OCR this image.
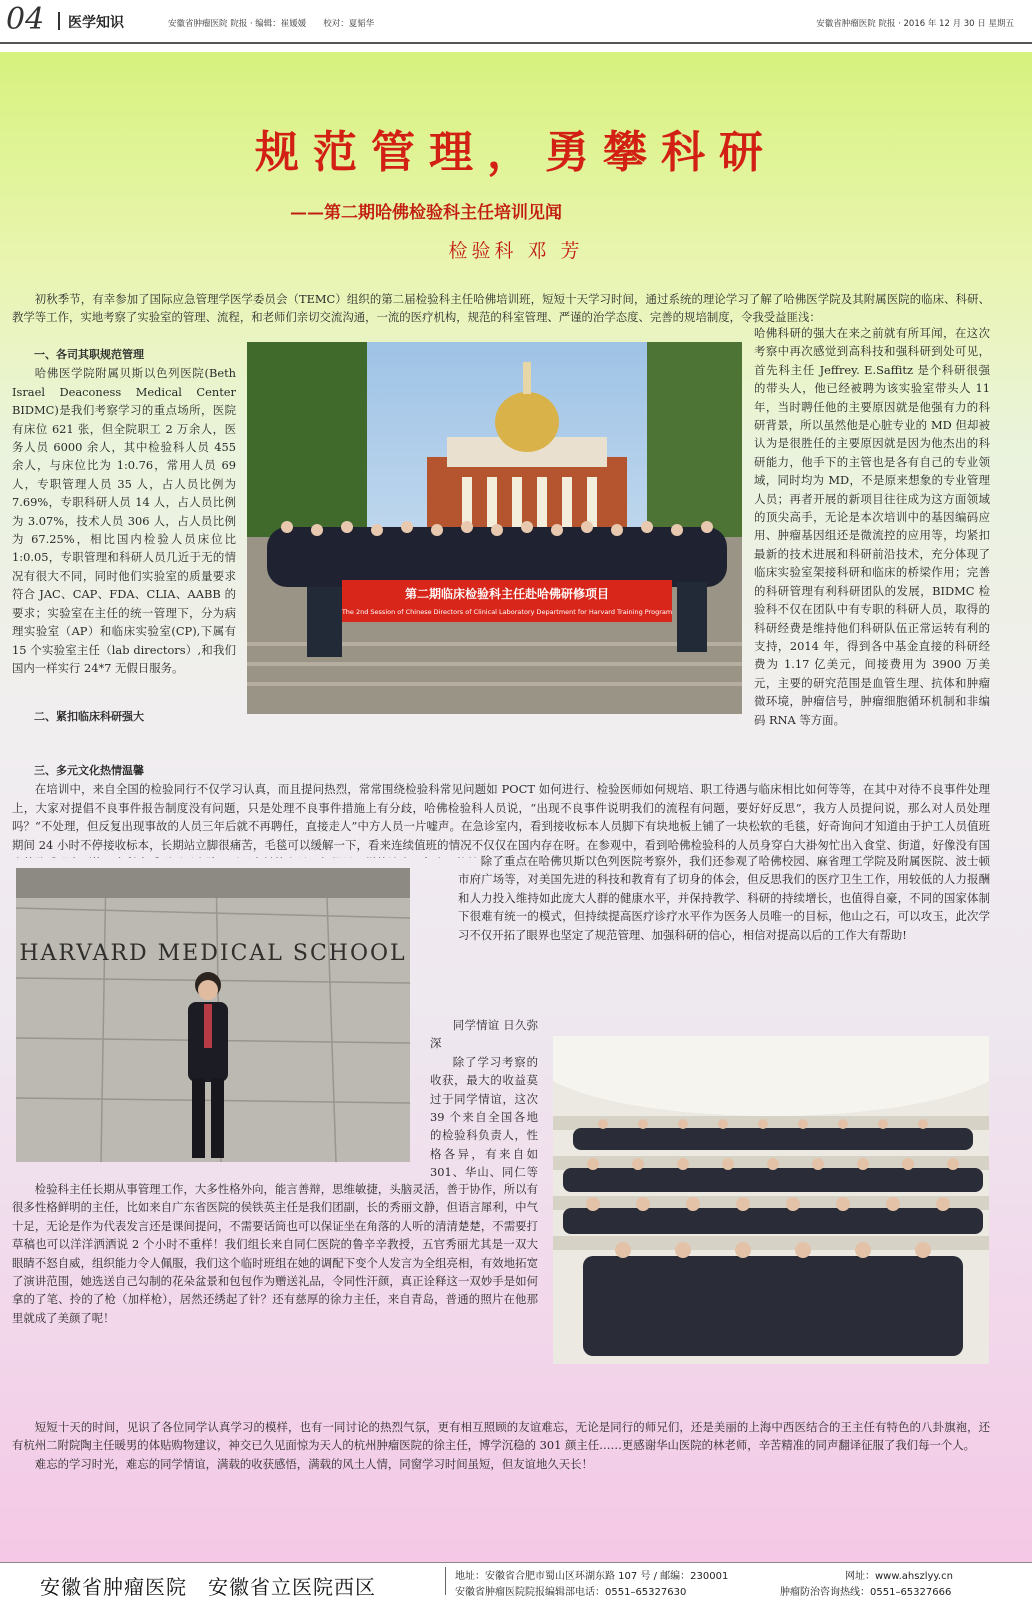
04 医学知识	安徽省肿瘤医院 院报 · 编辑：崔媛媛　　校对：夏韬华	安徽省肿瘤医院 院报 · 2016 年 12 月 30 日 星期五
规范管理，勇攀科研
——第二期哈佛检验科主任培训见闻
检验科 邓 芳

初秋季节，有幸参加了国际应急管理学医学委员会（TEMC）组织的第二届检验科主任哈佛培训班，短短十天学习时间，通过系统的理论学习了解了哈佛医学院及其附属医院的临床、科研、教学等工作，实地考察了实验室的管理、流程，和老师们亲切交流沟通，一流的医疗机构，规范的科室管理、严谨的治学态度、完善的规培制度，令我受益匪浅：

一、各司其职规范管理

哈佛医学院附属贝斯以色列医院(Beth Israel Deaconess Medical Center BIDMC)是我们考察学习的重点场所，医院有床位 621 张，但全院职工 2 万余人，医务人员 6000 余人，其中检验科人员 455 余人，与床位比为 1:0.76，常用人员 69 人，专职管理人员 35 人，占人员比例为 7.69%，专职科研人员 14 人，占人员比例为 3.07%，技术人员 306 人，占人员比例为 67.25%，相比国内检验人员床位比 1:0.05，专职管理和科研人员几近于无的情况有很大不同，同时他们实验室的质量要求符合 JAC、CAP、FDA、CLIA、AABB 的要求；实验室在主任的统一管理下，分为病理实验室（AP）和临床实验室(CP),下属有 15 个实验室主任（lab directors）,和我们国内一样实行 24*7 无假日服务。

第二期临床检验科主任赴哈佛研修项目
The 2nd Session of Chinese Directors of Clinical Laboratory Department for Harvard Training Program

哈佛科研的强大在来之前就有所耳闻，在这次考察中再次感觉到高科技和强科研到处可见，首先科主任 Jeffrey. E.Saffitz 是个科研很强的带头人，他已经被聘为该实验室带头人 11 年，当时聘任他的主要原因就是他强有力的科研背景，所以虽然他是心脏专业的 MD 但却被认为是很胜任的主要原因就是因为他杰出的科研能力，他手下的主管也是各有自己的专业领域，同时均为 MD，不是原来想象的专业管理人员；再者开展的新项目往往成为这方面领域的顶尖高手，无论是本次培训中的基因编码应用、肿瘤基因组还是微流控的应用等，均紧扣最新的技术进展和科研前沿技术，充分体现了临床实验室架接科研和临床的桥梁作用；完善的科研管理有利科研团队的发展，BIDMC 检验科不仅在团队中有专职的科研人员，取得的科研经费是维持他们科研队伍正常运转有利的支持，2014 年，得到各中基金直接的科研经费为 1.17 亿美元，间接费用为 3900 万美元，主要的研究范围是血管生理、抗体和肿瘤微环境，肿瘤信号，肿瘤细胞循环机制和非编码 RNA 等方面。

二、紧扣临床科研强大
三、多元文化热情温馨

在培训中，来自全国的检验同行不仅学习认真，而且提问热烈，常常围绕检验科常见问题如 POCT 如何进行、检验医师如何规培、职工待遇与临床相比如何等等，在其中对待不良事件处理上，大家对提倡不良事件报告制度没有问题，只是处理不良事件措施上有分歧，哈佛检验科人员说，“出现不良事件说明我们的流程有问题，要好好反思”，我方人员提问说，那么对人员处理吗？“不处理，但反复出现事故的人员三年后就不再聘任，直接走人”中方人员一片嘘声。在急诊室内，看到接收标本人员脚下有块地板上铺了一块松软的毛毯，好奇询问才知道由于护工人员值班期间 24 小时不停接收标本，长期站立脚很痛苦，毛毯可以缓解一下，看来连续值班的情况不仅仅在国内存在呀。在参观中，看到哈佛检验科的人员身穿白大褂匆忙出入食堂、街道，好像没有国

HARVARD MEDICAL SCHOOL

除了重点在哈佛贝斯以色列医院考察外，我们还参观了哈佛校园、麻省理工学院及附属医院、波士顿市府广场等，对美国先进的科技和教育有了切身的体会，但反思我们的医疗卫生工作，用较低的人力报酬和人力投入维持如此庞大人群的健康水平，并保持教学、科研的持续增长，也值得自豪，不同的国家体制下很难有统一的模式，但持续提高医疗诊疗水平作为医务人员唯一的目标，他山之石，可以攻玉，此次学习不仅开拓了眼界也坚定了规范管理、加强科研的信心，相信对提高以后的工作大有帮助!

同学情谊 日久弥深

除了学习考察的收获，最大的收益莫过于同学情谊，这次 39 个来自全国各地的检验科负责人，性格各异，有来自如 301、华山、同仁等

检验科主任长期从事管理工作，大多性格外向，能言善辩，思维敏捷，头脑灵活，善于协作，所以有很多性格鲜明的主任，比如来自广东省医院的侯铁英主任是我们团副，长的秀丽文静，但语言犀利，中气十足，无论是作为代表发言还是课间提问，不需要话筒也可以保证坐在角落的人听的清清楚楚，不需要打草稿也可以洋洋洒洒说 2 个小时不重样！我们组长来自同仁医院的鲁辛辛教授，五官秀丽尤其是一双大眼睛不怒自威，组织能力令人佩服，我们这个临时班组在她的调配下变个人发言为全组亮相，有效地拓宽了演讲范围，她选送自己勾制的花朵盆景和包包作为赠送礼品，令同性汗颜，真正诠释这一双妙手是如何拿的了笔、拎的了枪（加样枪），居然还绣起了针？还有慈厚的徐力主任，来自青岛，普通的照片在他那里就成了美颜了呢！

短短十天的时间，见识了各位同学认真学习的模样，也有一同讨论的热烈气氛，更有相互照顾的友谊难忘，无论是同行的师兄们，还是美丽的上海中西医结合的王主任有特色的八卦旗袍，还有杭州二附院陶主任暖男的体贴购物建议，神交已久见面惊为天人的杭州肿瘤医院的徐主任，博学沉稳的 301 颜主任……更感谢华山医院的林老师，辛苦精准的同声翻译征服了我们每一个人。

难忘的学习时光，难忘的同学情谊，满载的收获感悟，满载的风土人情，同窗学习时间虽短，但友谊地久天长！

安徽省肿瘤医院　安徽省立医院西区	地址：安徽省合肥市蜀山区环湖东路 107 号 / 邮编：230001
安徽省肿瘤医院院报编辑部电话：0551–65327630
网址：www.ahszlyy.cn
肿瘤防治咨询热线：0551–65327666
